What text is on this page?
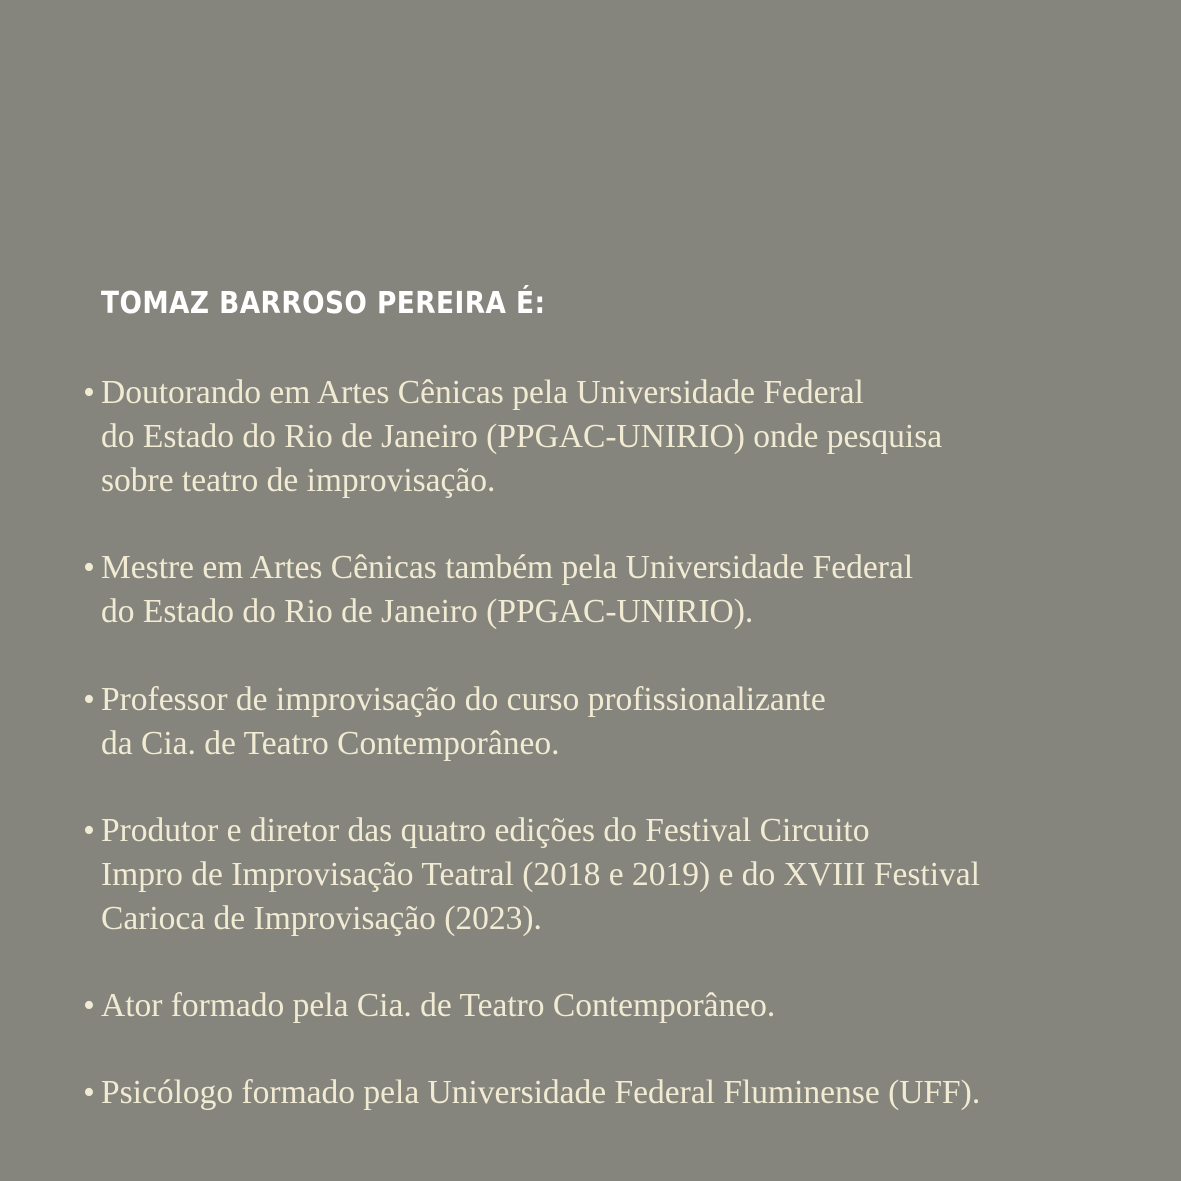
TOMAZ BARROSO PEREIRA É:
• Doutorando em Artes Cênicas pela Universidade Federal
do Estado do Rio de Janeiro (PPGAC-UNIRIO) onde pesquisa
sobre teatro de improvisação.
• Mestre em Artes Cênicas também pela Universidade Federal
do Estado do Rio de Janeiro (PPGAC-UNIRIO).
• Professor de improvisação do curso profissionalizante
da Cia. de Teatro Contemporâneo.
• Produtor e diretor das quatro edições do Festival Circuito
Impro de Improvisação Teatral (2018 e 2019) e do XVIII Festival
Carioca de Improvisação (2023).
• Ator formado pela Cia. de Teatro Contemporâneo.
• Psicólogo formado pela Universidade Federal Fluminense (UFF).
